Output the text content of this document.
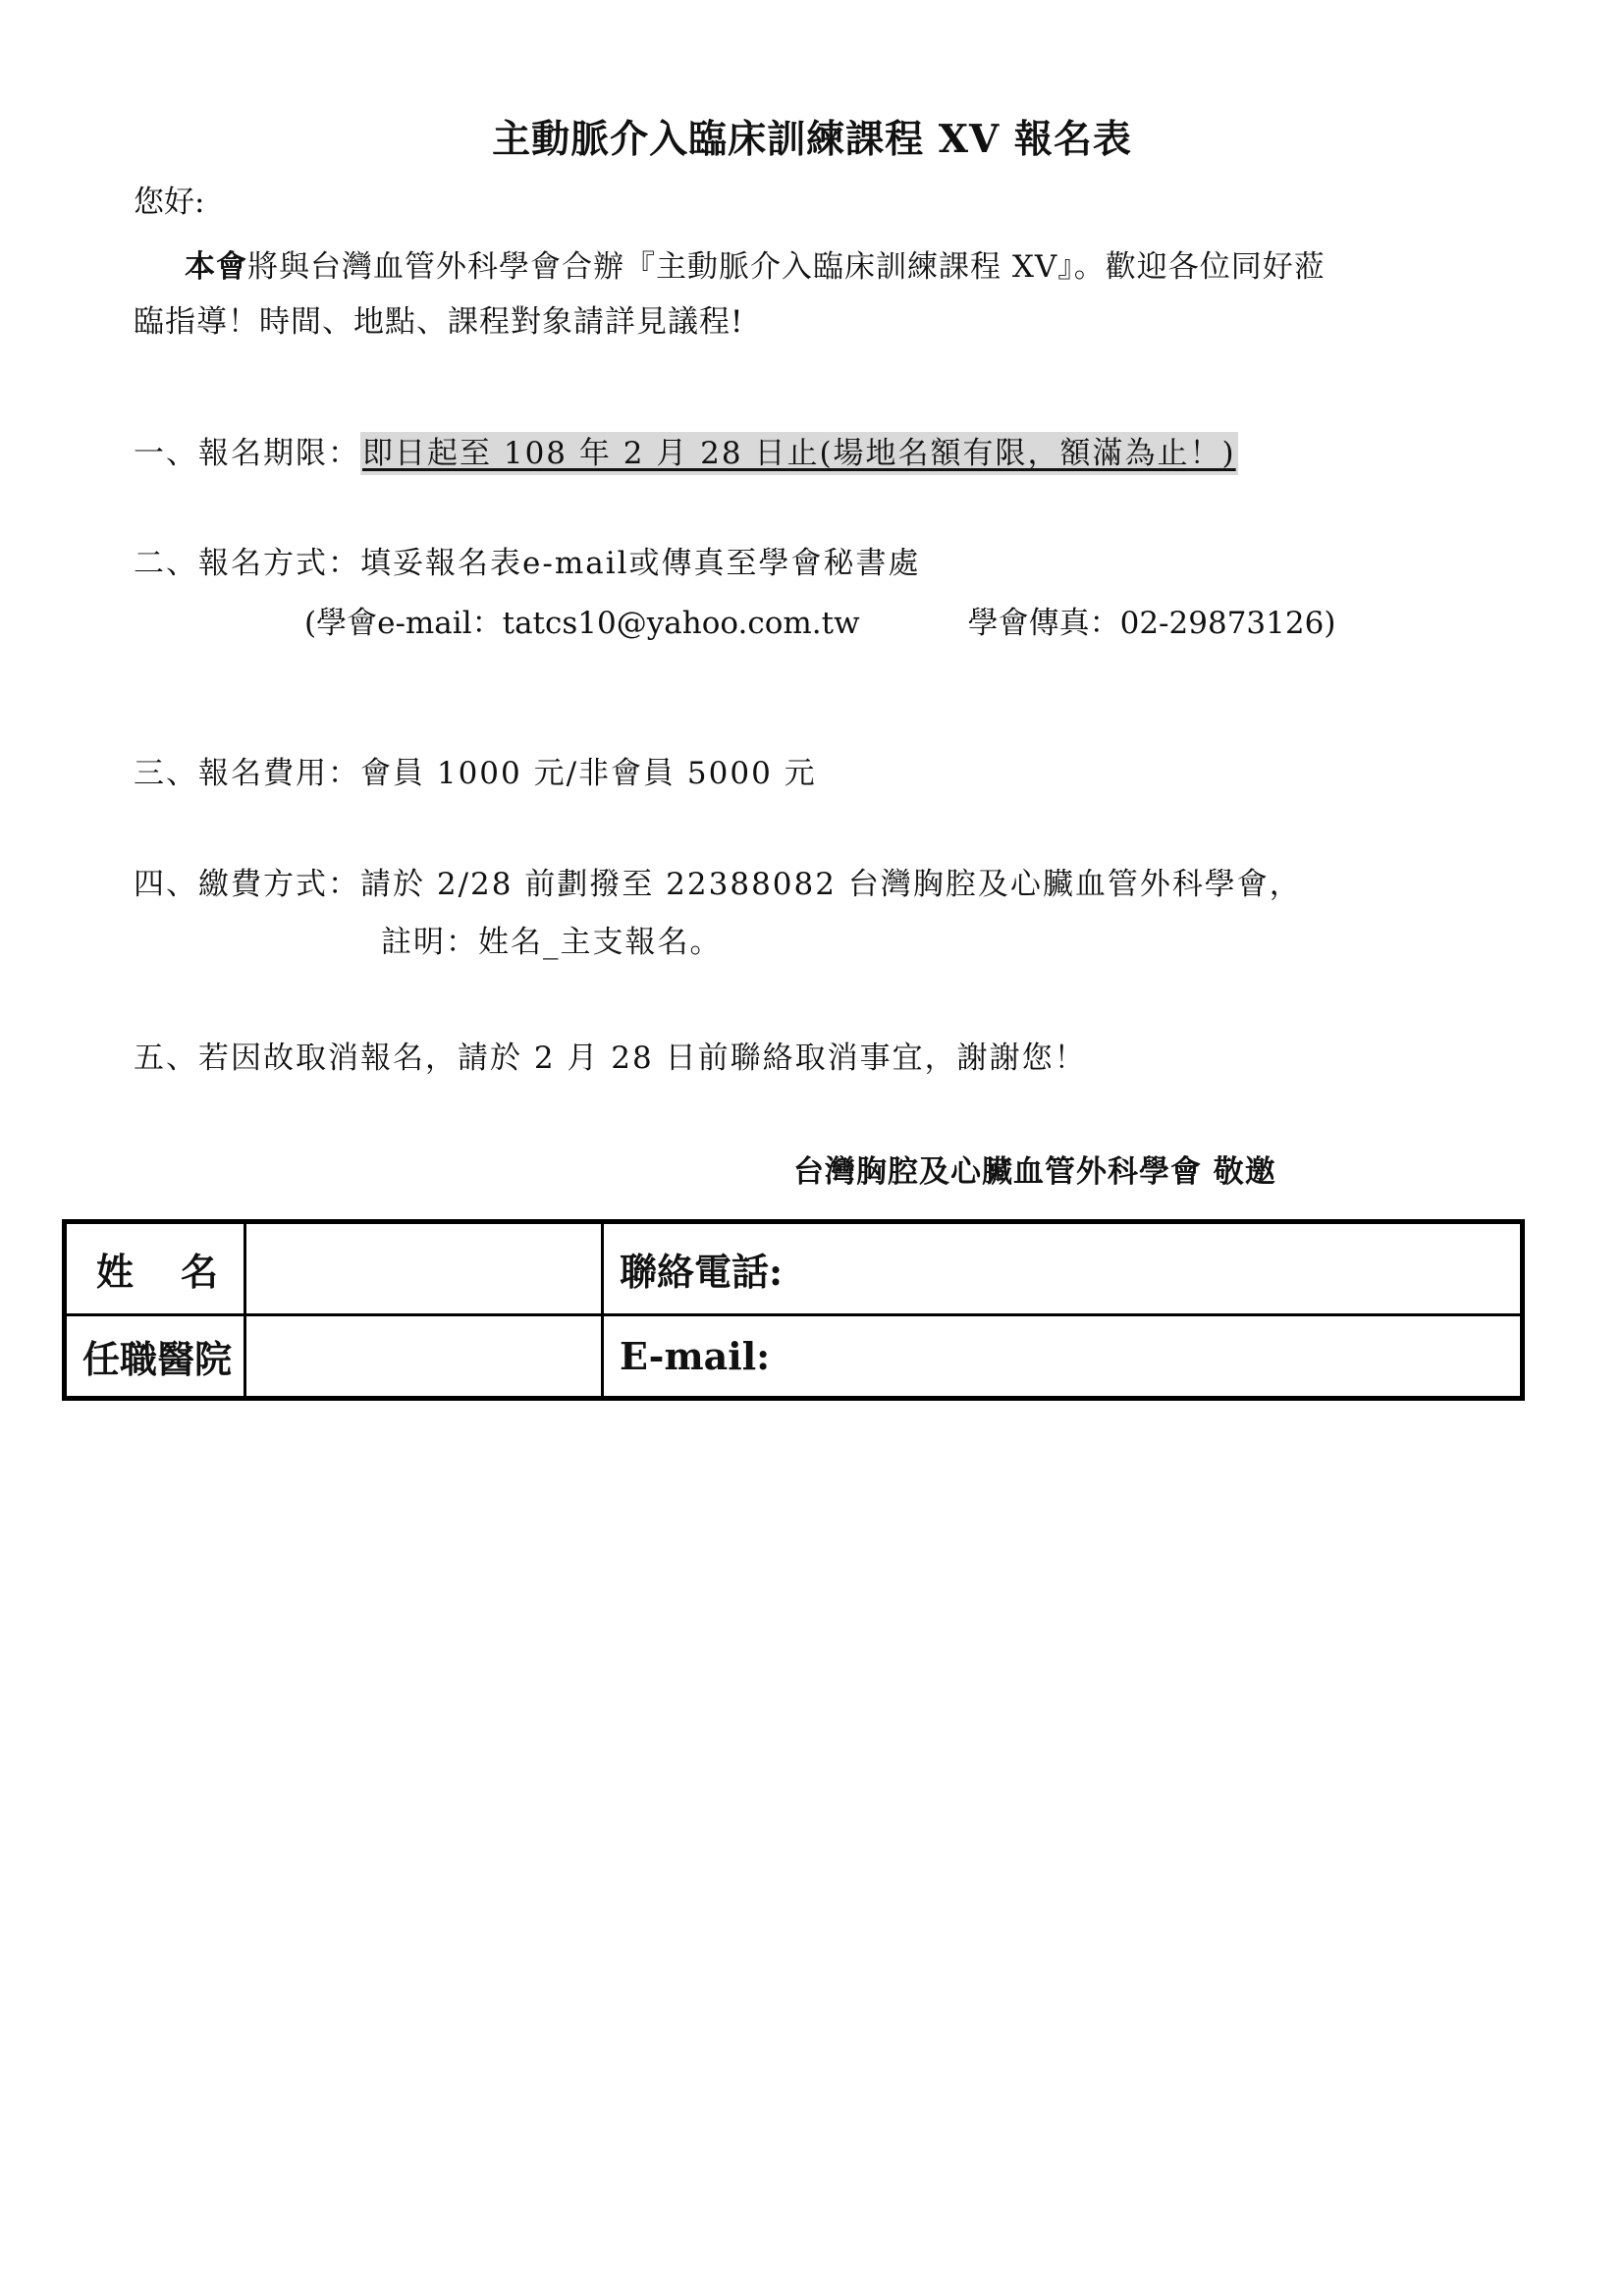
主動脈介入臨床訓練課程 XV 報名表
您好:
本會將與台灣血管外科學會合辦『主動脈介入臨床訓練課程 XV』。歡迎各位同好蒞
臨指導！時間、地點、課程對象請詳見議程!
一、報名期限：即日起至 108 年 2 月 28 日止(場地名額有限，額滿為止！)
二、報名方式：填妥報名表e-mail或傳真至學會秘書處
(學會e-mail：tatcs10@yahoo.com.tw	學會傳真：02-29873126)
三、報名費用：會員 1000 元/非會員 5000 元
四、繳費方式：請於 2/28 前劃撥至 22388082 台灣胸腔及心臟血管外科學會，
註明：姓名_主支報名。
五、若因故取消報名，請於 2 月 28 日前聯絡取消事宜，謝謝您！
台灣胸腔及心臟血管外科學會 敬邀
姓名		聯絡電話:
任職醫院		E-mail:
